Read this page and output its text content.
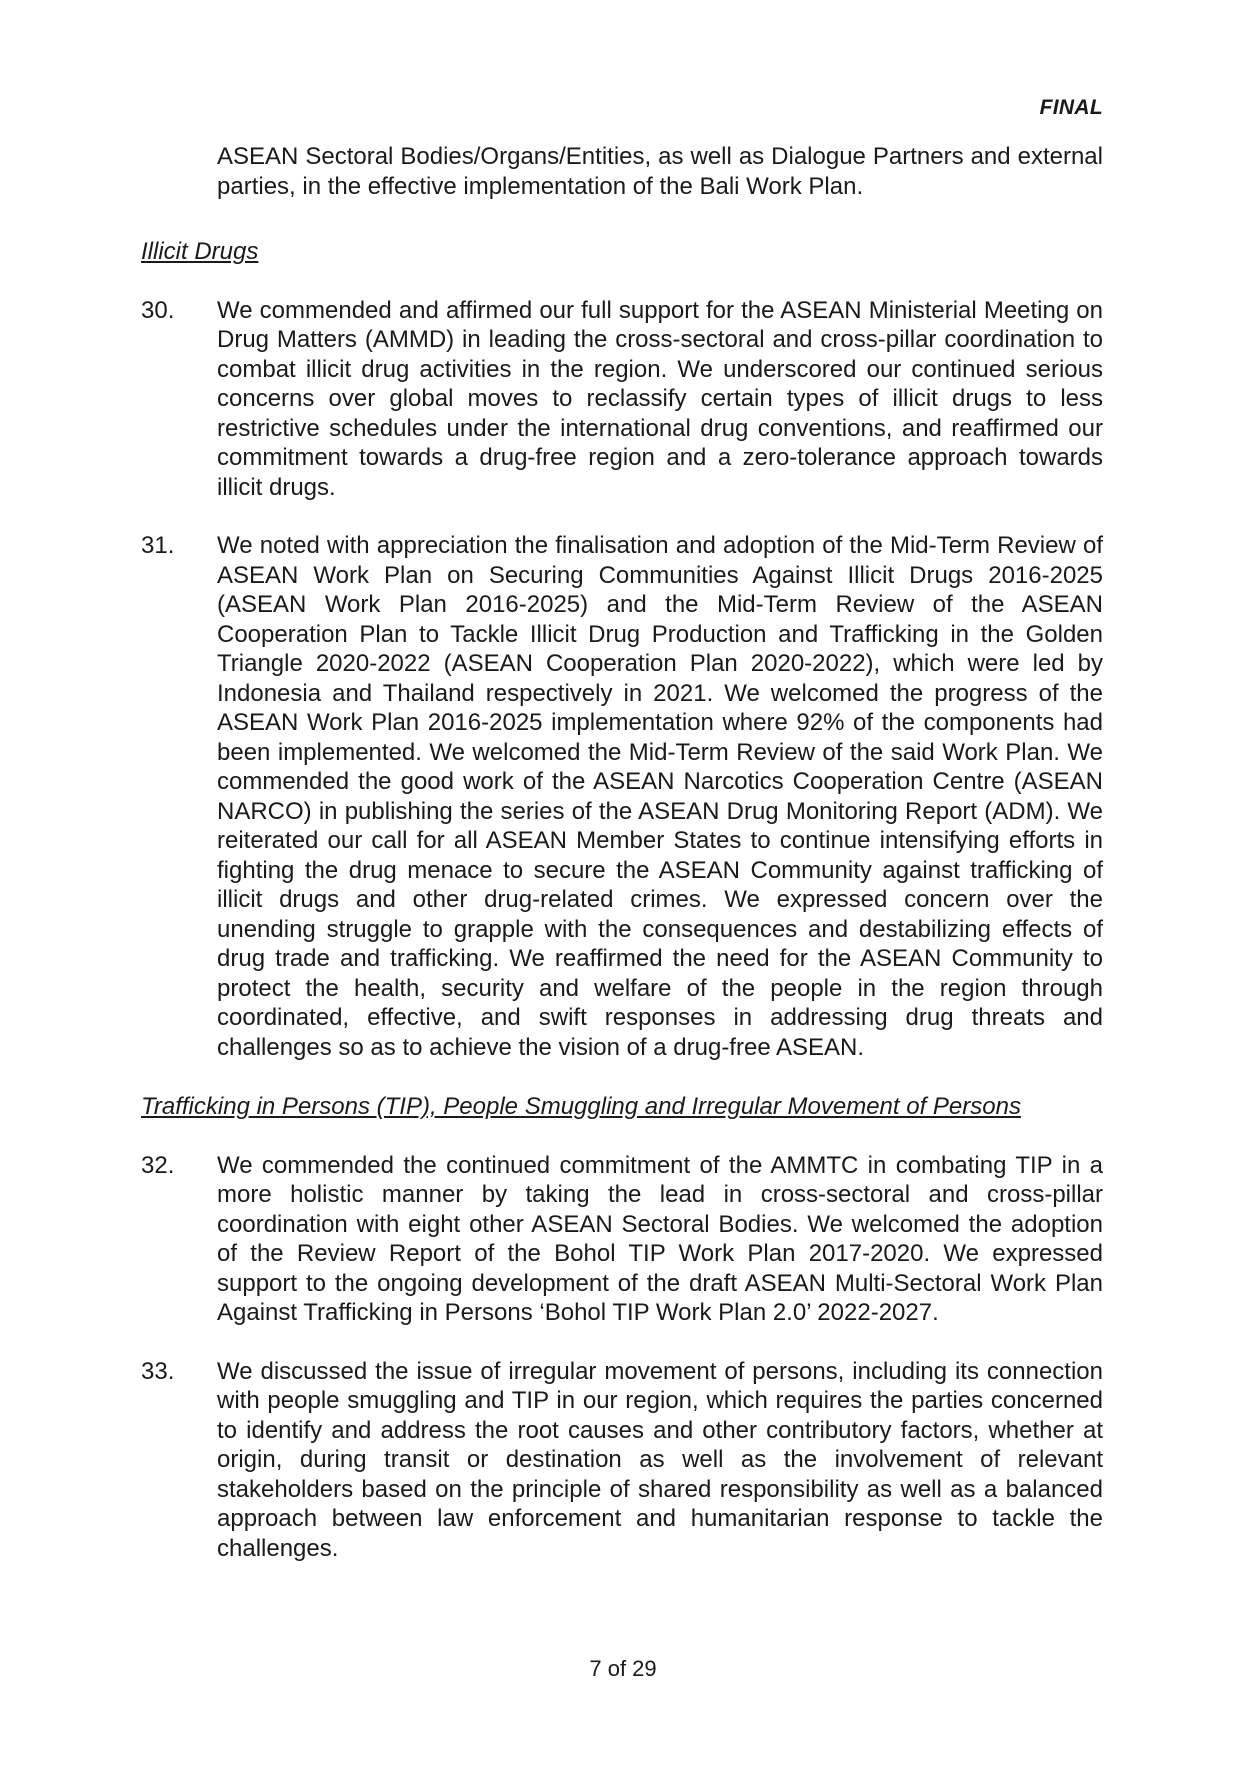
FINAL

ASEAN Sectoral Bodies/Organs/Entities, as well as Dialogue Partners and external parties, in the effective implementation of the Bali Work Plan.

Illicit Drugs

30.	We commended and affirmed our full support for the ASEAN Ministerial Meeting on Drug Matters (AMMD) in leading the cross-sectoral and cross-pillar coordination to combat illicit drug activities in the region. We underscored our continued serious concerns over global moves to reclassify certain types of illicit drugs to less restrictive schedules under the international drug conventions, and reaffirmed our commitment towards a drug-free region and a zero-tolerance approach towards illicit drugs.

31.	We noted with appreciation the finalisation and adoption of the Mid-Term Review of ASEAN Work Plan on Securing Communities Against Illicit Drugs 2016-2025 (ASEAN Work Plan 2016-2025) and the Mid-Term Review of the ASEAN Cooperation Plan to Tackle Illicit Drug Production and Trafficking in the Golden Triangle 2020-2022 (ASEAN Cooperation Plan 2020-2022), which were led by Indonesia and Thailand respectively in 2021. We welcomed the progress of the ASEAN Work Plan 2016-2025 implementation where 92% of the components had been implemented. We welcomed the Mid-Term Review of the said Work Plan. We commended the good work of the ASEAN Narcotics Cooperation Centre (ASEAN NARCO) in publishing the series of the ASEAN Drug Monitoring Report (ADM). We reiterated our call for all ASEAN Member States to continue intensifying efforts in fighting the drug menace to secure the ASEAN Community against trafficking of illicit drugs and other drug-related crimes. We expressed concern over the unending struggle to grapple with the consequences and destabilizing effects of drug trade and trafficking. We reaffirmed the need for the ASEAN Community to protect the health, security and welfare of the people in the region through coordinated, effective, and swift responses in addressing drug threats and challenges so as to achieve the vision of a drug-free ASEAN.

Trafficking in Persons (TIP), People Smuggling and Irregular Movement of Persons

32.	We commended the continued commitment of the AMMTC in combating TIP in a more holistic manner by taking the lead in cross-sectoral and cross-pillar coordination with eight other ASEAN Sectoral Bodies. We welcomed the adoption of the Review Report of the Bohol TIP Work Plan 2017-2020. We expressed support to the ongoing development of the draft ASEAN Multi-Sectoral Work Plan Against Trafficking in Persons ‘Bohol TIP Work Plan 2.0’ 2022-2027.

33.	We discussed the issue of irregular movement of persons, including its connection with people smuggling and TIP in our region, which requires the parties concerned to identify and address the root causes and other contributory factors, whether at origin, during transit or destination as well as the involvement of relevant stakeholders based on the principle of shared responsibility as well as a balanced approach between law enforcement and humanitarian response to tackle the challenges.

7 of 29
